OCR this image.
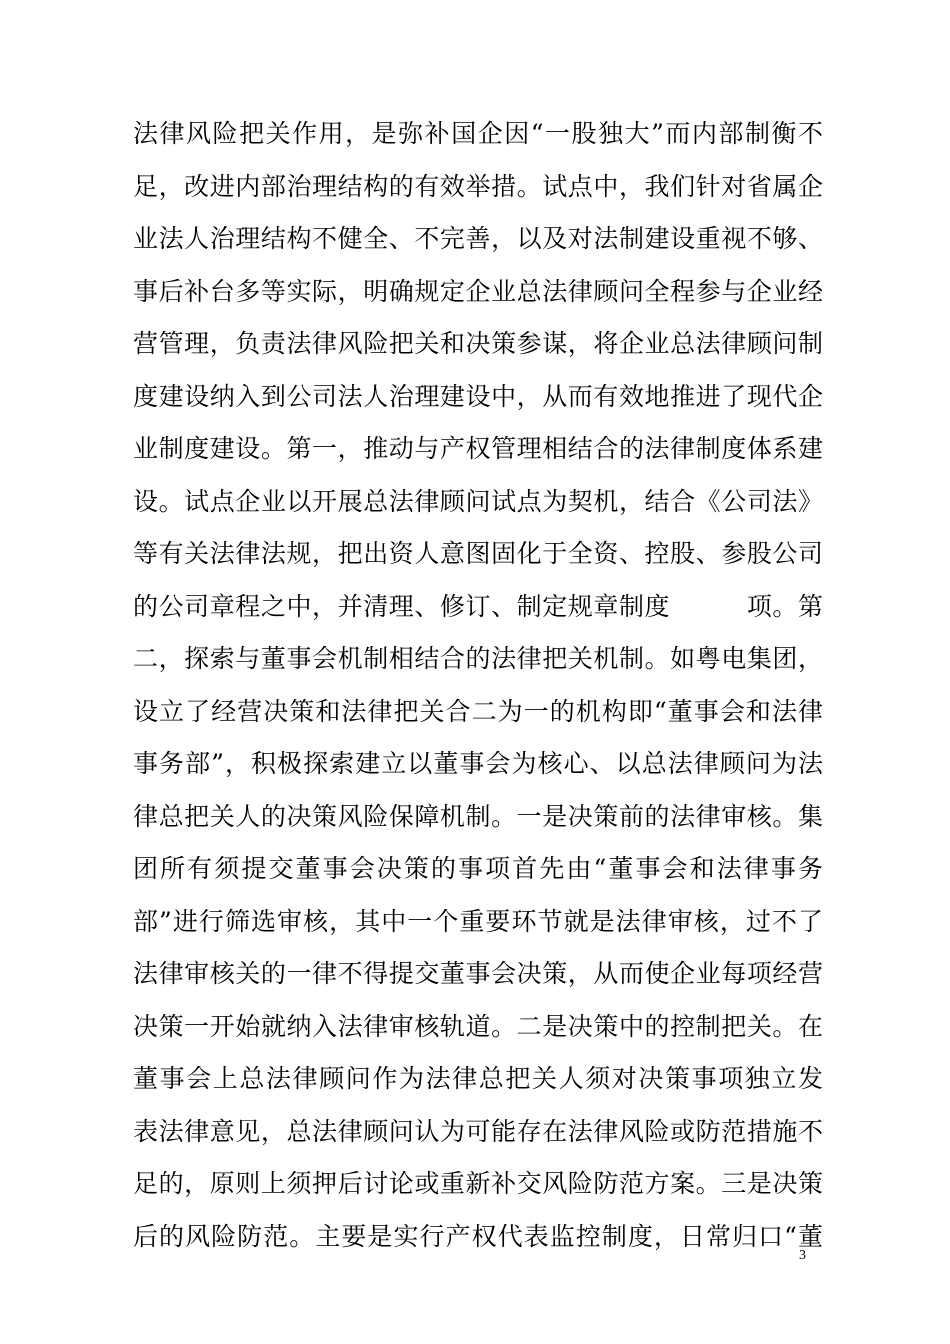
法律风险把关作用，是弥补国企因“一股独大”而内部制衡不
足，改进内部治理结构的有效举措。试点中，我们针对省属企
业法人治理结构不健全、不完善，以及对法制建设重视不够、
事后补台多等实际，明确规定企业总法律顾问全程参与企业经
营管理，负责法律风险把关和决策参谋，将企业总法律顾问制
度建设纳入到公司法人治理建设中，从而有效地推进了现代企
业制度建设。第一，推动与产权管理相结合的法律制度体系建
设。试点企业以开展总法律顾问试点为契机，结合《公司法》
等有关法律法规，把出资人意图固化于全资、控股、参股公司
的公司章程之中，并清理、修订、制定规章制度　　　项。第
二，探索与董事会机制相结合的法律把关机制。如粤电集团，
设立了经营决策和法律把关合二为一的机构即“董事会和法律
事务部”，积极探索建立以董事会为核心、以总法律顾问为法
律总把关人的决策风险保障机制。一是决策前的法律审核。集
团所有须提交董事会决策的事项首先由“董事会和法律事务
部”进行筛选审核，其中一个重要环节就是法律审核，过不了
法律审核关的一律不得提交董事会决策，从而使企业每项经营
决策一开始就纳入法律审核轨道。二是决策中的控制把关。在
董事会上总法律顾问作为法律总把关人须对决策事项独立发
表法律意见，总法律顾问认为可能存在法律风险或防范措施不
足的，原则上须押后讨论或重新补交风险防范方案。三是决策
后的风险防范。主要是实行产权代表监控制度，日常归口“董
3
